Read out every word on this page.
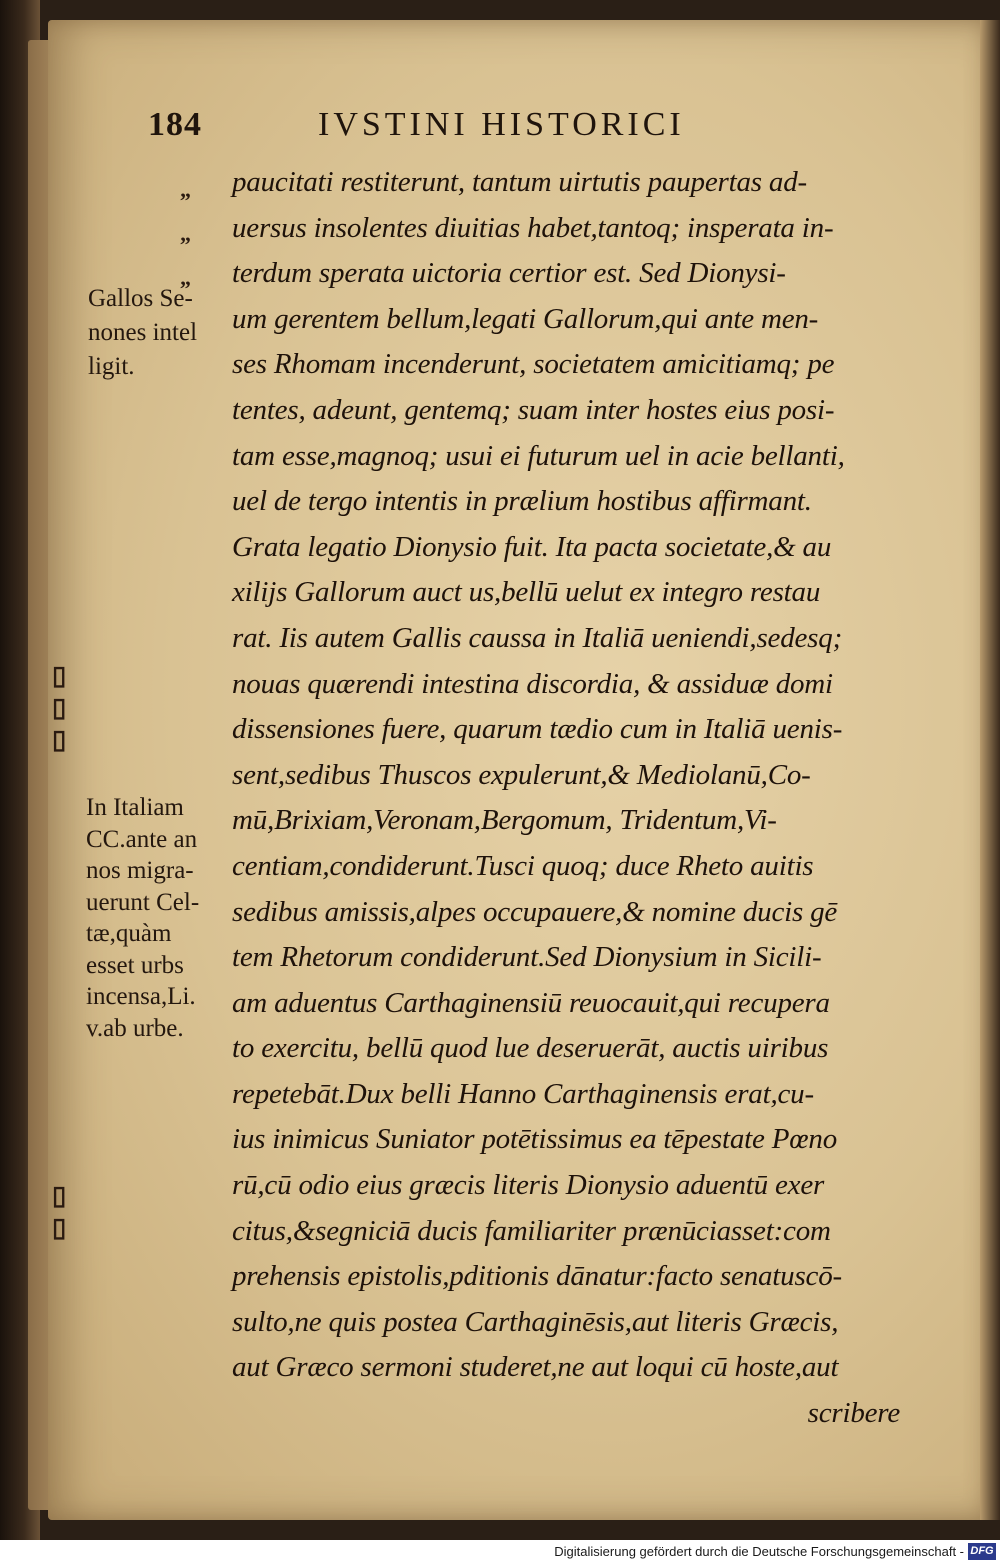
▯
▯
▯
▯
▯
184	IVSTINI HISTORICI
„
„
„
Gallos Se-
nones intel
ligit.
In Italiam
CC.ante an
nos migra-
uerunt Cel-
tæ,quàm
esset urbs
incensa,Li.
v.ab urbe.
paucitati restiterunt, tantum uirtutis paupertas ad-
uersus insolentes diuitias habet,tantoq; insperata in-
terdum sperata uictoria certior est. Sed Dionysi-
um gerentem bellum,legati Gallorum,qui ante men-
ses Rhomam incenderunt, societatem amicitiamq; pe
tentes, adeunt, gentemq; suam inter hostes eius posi-
tam esse,magnoq; usui ei futurum uel in acie bellanti,
uel de tergo intentis in prælium hostibus affirmant.
Grata legatio Dionysio fuit. Ita pacta societate,& au
xilijs Gallorum auct us,bellū uelut ex integro restau
rat. Iis autem Gallis caussa in Italiā ueniendi,sedesq;
nouas quærendi intestina discordia, & assiduæ domi
dissensiones fuere, quarum tædio cum in Italiā uenis-
sent,sedibus Thuscos expulerunt,& Mediolanū,Co-
mū,Brixiam,Veronam,Bergomum, Tridentum,Vi-
centiam,condiderunt.Tusci quoq; duce Rheto auitis
sedibus amissis,alpes occupauere,& nomine ducis gē
tem Rhetorum condiderunt.Sed Dionysium in Sicili-
am aduentus Carthaginensiū reuocauit,qui recupera
to exercitu, bellū quod lue deseruerāt, auctis uiribus
repetebāt.Dux belli Hanno Carthaginensis erat,cu-
ius inimicus Suniator potētissimus ea tēpestate Pœno
rū,cū odio eius græcis literis Dionysio aduentū exer
citus,&segniciā ducis familiariter prænūciasset:com
prehensis epistolis,pditionis dānatur:facto senatuscō-
sulto,ne quis postea Carthaginēsis,aut literis Græcis,
aut Græco sermoni studeret,ne aut loqui cū hoste,aut
scribere
Digitalisierung gefördert durch die Deutsche Forschungsgemeinschaft - DFG
